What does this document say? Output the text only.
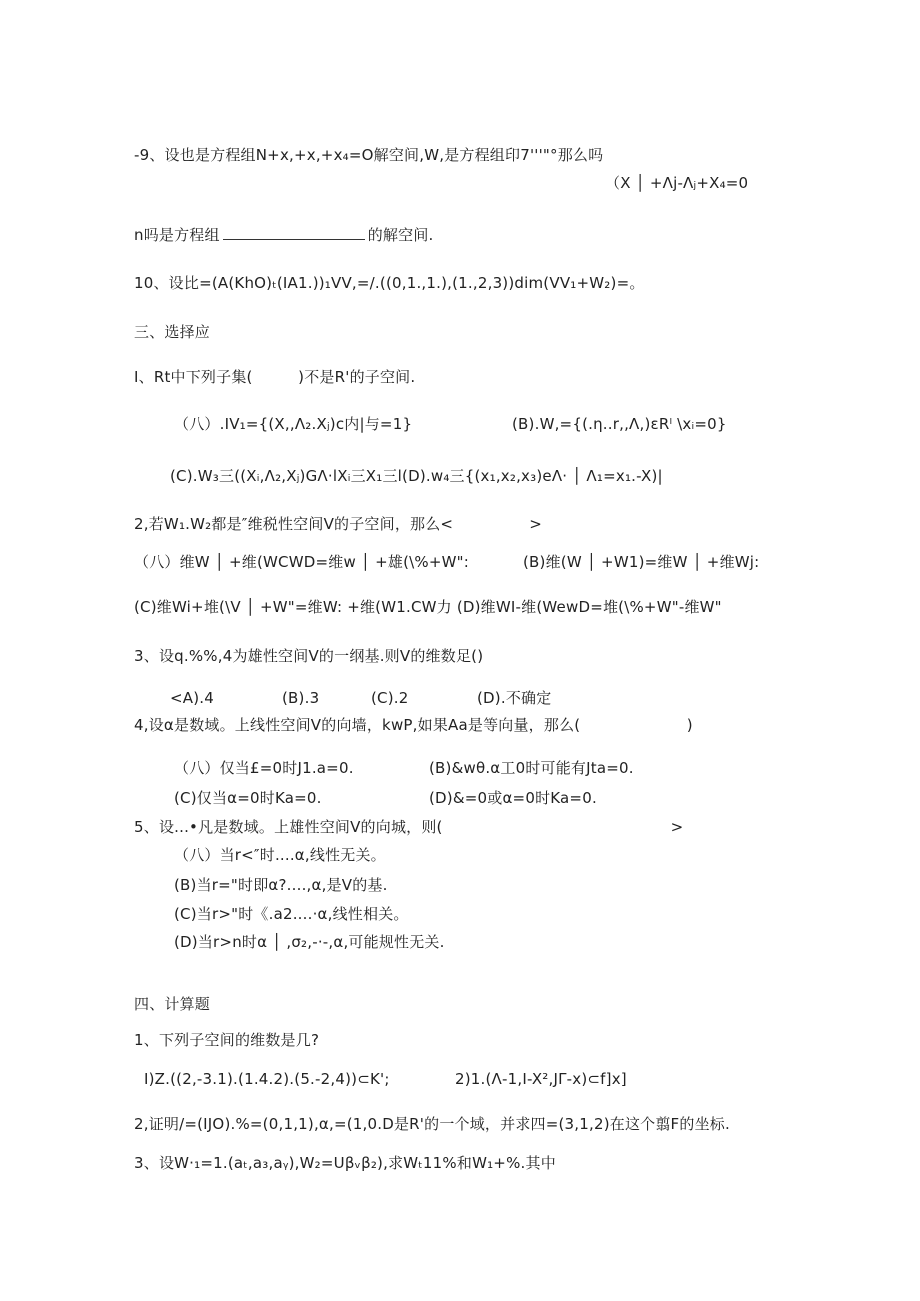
-9、设也是方程组N+x,+x,+x₄=O解空间,W,是方程组印7'''"°那么吗
（X │ +Λj-Λⱼ+X₄=0
n吗是方程组	的解空间.
10、设比=(A(KhO)ₜ(IA1.))₁VV,=/.((0,1.,1.),(1.,2,3))dim(VV₁+W₂)=。
三、选择应
I、Rt中下列子集(　　　)不是R'的子空间.
（八）.IV₁={(X,,Λ₂.Xⱼ)c内|与=1}	(B).W,={(.η..r,,Λ,)εRˡ \xᵢ=0}
(C).W₃三((Xᵢ,Λ₂,Xⱼ)GΛ·lXᵢ三X₁三l(D).w₄三{(x₁,x₂,x₃)eΛ· │ Λ₁=x₁.-X)|
2,若W₁.W₂都是″维税性空间V的子空间，那么<　　　　　>
（八）维W │ +维(WCWD=维w │ +雄(\%+W":	(B)维(W │ +W1)=维W │ +维Wj:
(C)维Wi+堆(\V │ +W"=维W: +维(W1.CW力 (D)维WI-维(WewD=堆(\%+W"-维W"
3、设q.%%,4为雄性空间V的一纲基.则V的维数足()
<A).4	(B).3	(C).2	(D).不确定
4,设α是数域。上线性空间V的向墙，kwP,如果Aa是等向量，那么(　　　　　　　)
（八）仅当£=0时J1.a=0.	(B)&wθ.α工0时可能有Jta=0.
(C)仅当α=0时Ka=0.	(D)&=0或α=0时Ka=0.
5、设...•凡是数域。上雄性空间V的向城，则(　　　　　　　　　　　　　　　>
（八）当r<″时....α,线性无关。
(B)当r="时即α?....,α,是V的基.
(C)当r>"时《.a2....·α,线性相关。
(D)当r>n时α │ ,σ₂,-·-,α,可能规性无关.
四、计算题
1、下列子空间的维数是几?
I)Z.((2,-3.1).(1.4.2).(5.-2,4))⊂K';	2)1.(Λ-1,I-X²,JΓ-x)⊂f]x]
2,证明/=(IJO).%=(0,1,1),α,=(1,0.D是R'的一个域，并求四=(3,1,2)在这个翦F的坐标.
3、设W·₁=1.(aₜ,a₃,aᵧ),W₂=Uβᵥβ₂),求Wₜ11%和W₁+%.其中
